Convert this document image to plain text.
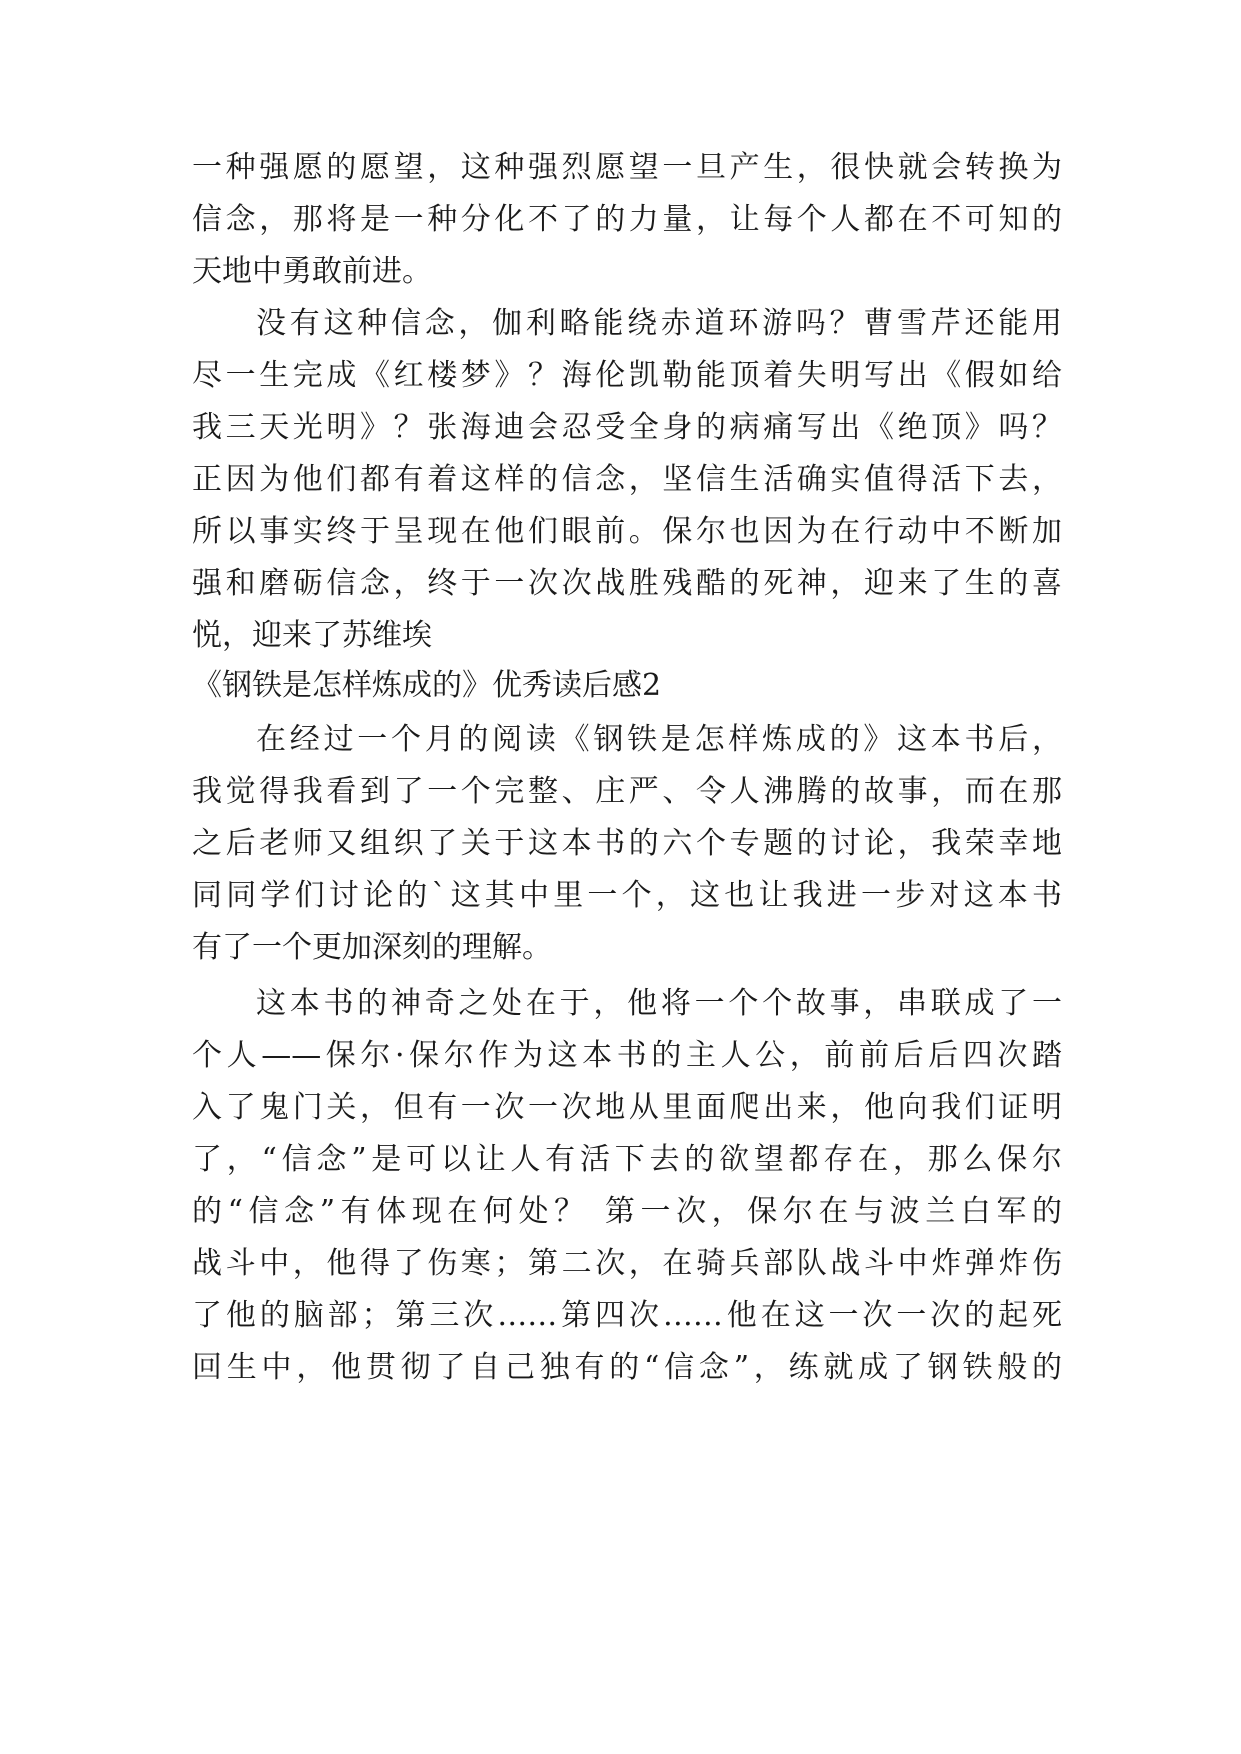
一种强愿的愿望，这种强烈愿望一旦产生，很快就会转换为
信念，那将是一种分化不了的力量，让每个人都在不可知的
天地中勇敢前进。
没有这种信念，伽利略能绕赤道环游吗？曹雪芹还能用
尽一生完成《红楼梦》？海伦凯勒能顶着失明写出《假如给
我三天光明》？张海迪会忍受全身的病痛写出《绝顶》吗？
正因为他们都有着这样的信念，坚信生活确实值得活下去，
所以事实终于呈现在他们眼前。保尔也因为在行动中不断加
强和磨砺信念，终于一次次战胜残酷的死神，迎来了生的喜
悦，迎来了苏维埃
《钢铁是怎样炼成的》优秀读后感2
在经过一个月的阅读《钢铁是怎样炼成的》这本书后，
我觉得我看到了一个完整、庄严、令人沸腾的故事，而在那
之后老师又组织了关于这本书的六个专题的讨论，我荣幸地
同同学们讨论的`这其中里一个，这也让我进一步对这本书
有了一个更加深刻的理解。
这本书的神奇之处在于，他将一个个故事，串联成了一
个人——保尔·保尔作为这本书的主人公，前前后后四次踏
入了鬼门关，但有一次一次地从里面爬出来，他向我们证明
了，“信念”是可以让人有活下去的欲望都存在，那么保尔
的“信念”有体现在何处？ 第一次，保尔在与波兰白军的
战斗中，他得了伤寒；第二次，在骑兵部队战斗中炸弹炸伤
了他的脑部；第三次……第四次……他在这一次一次的起死
回生中，他贯彻了自己独有的“信念”，练就成了钢铁般的
